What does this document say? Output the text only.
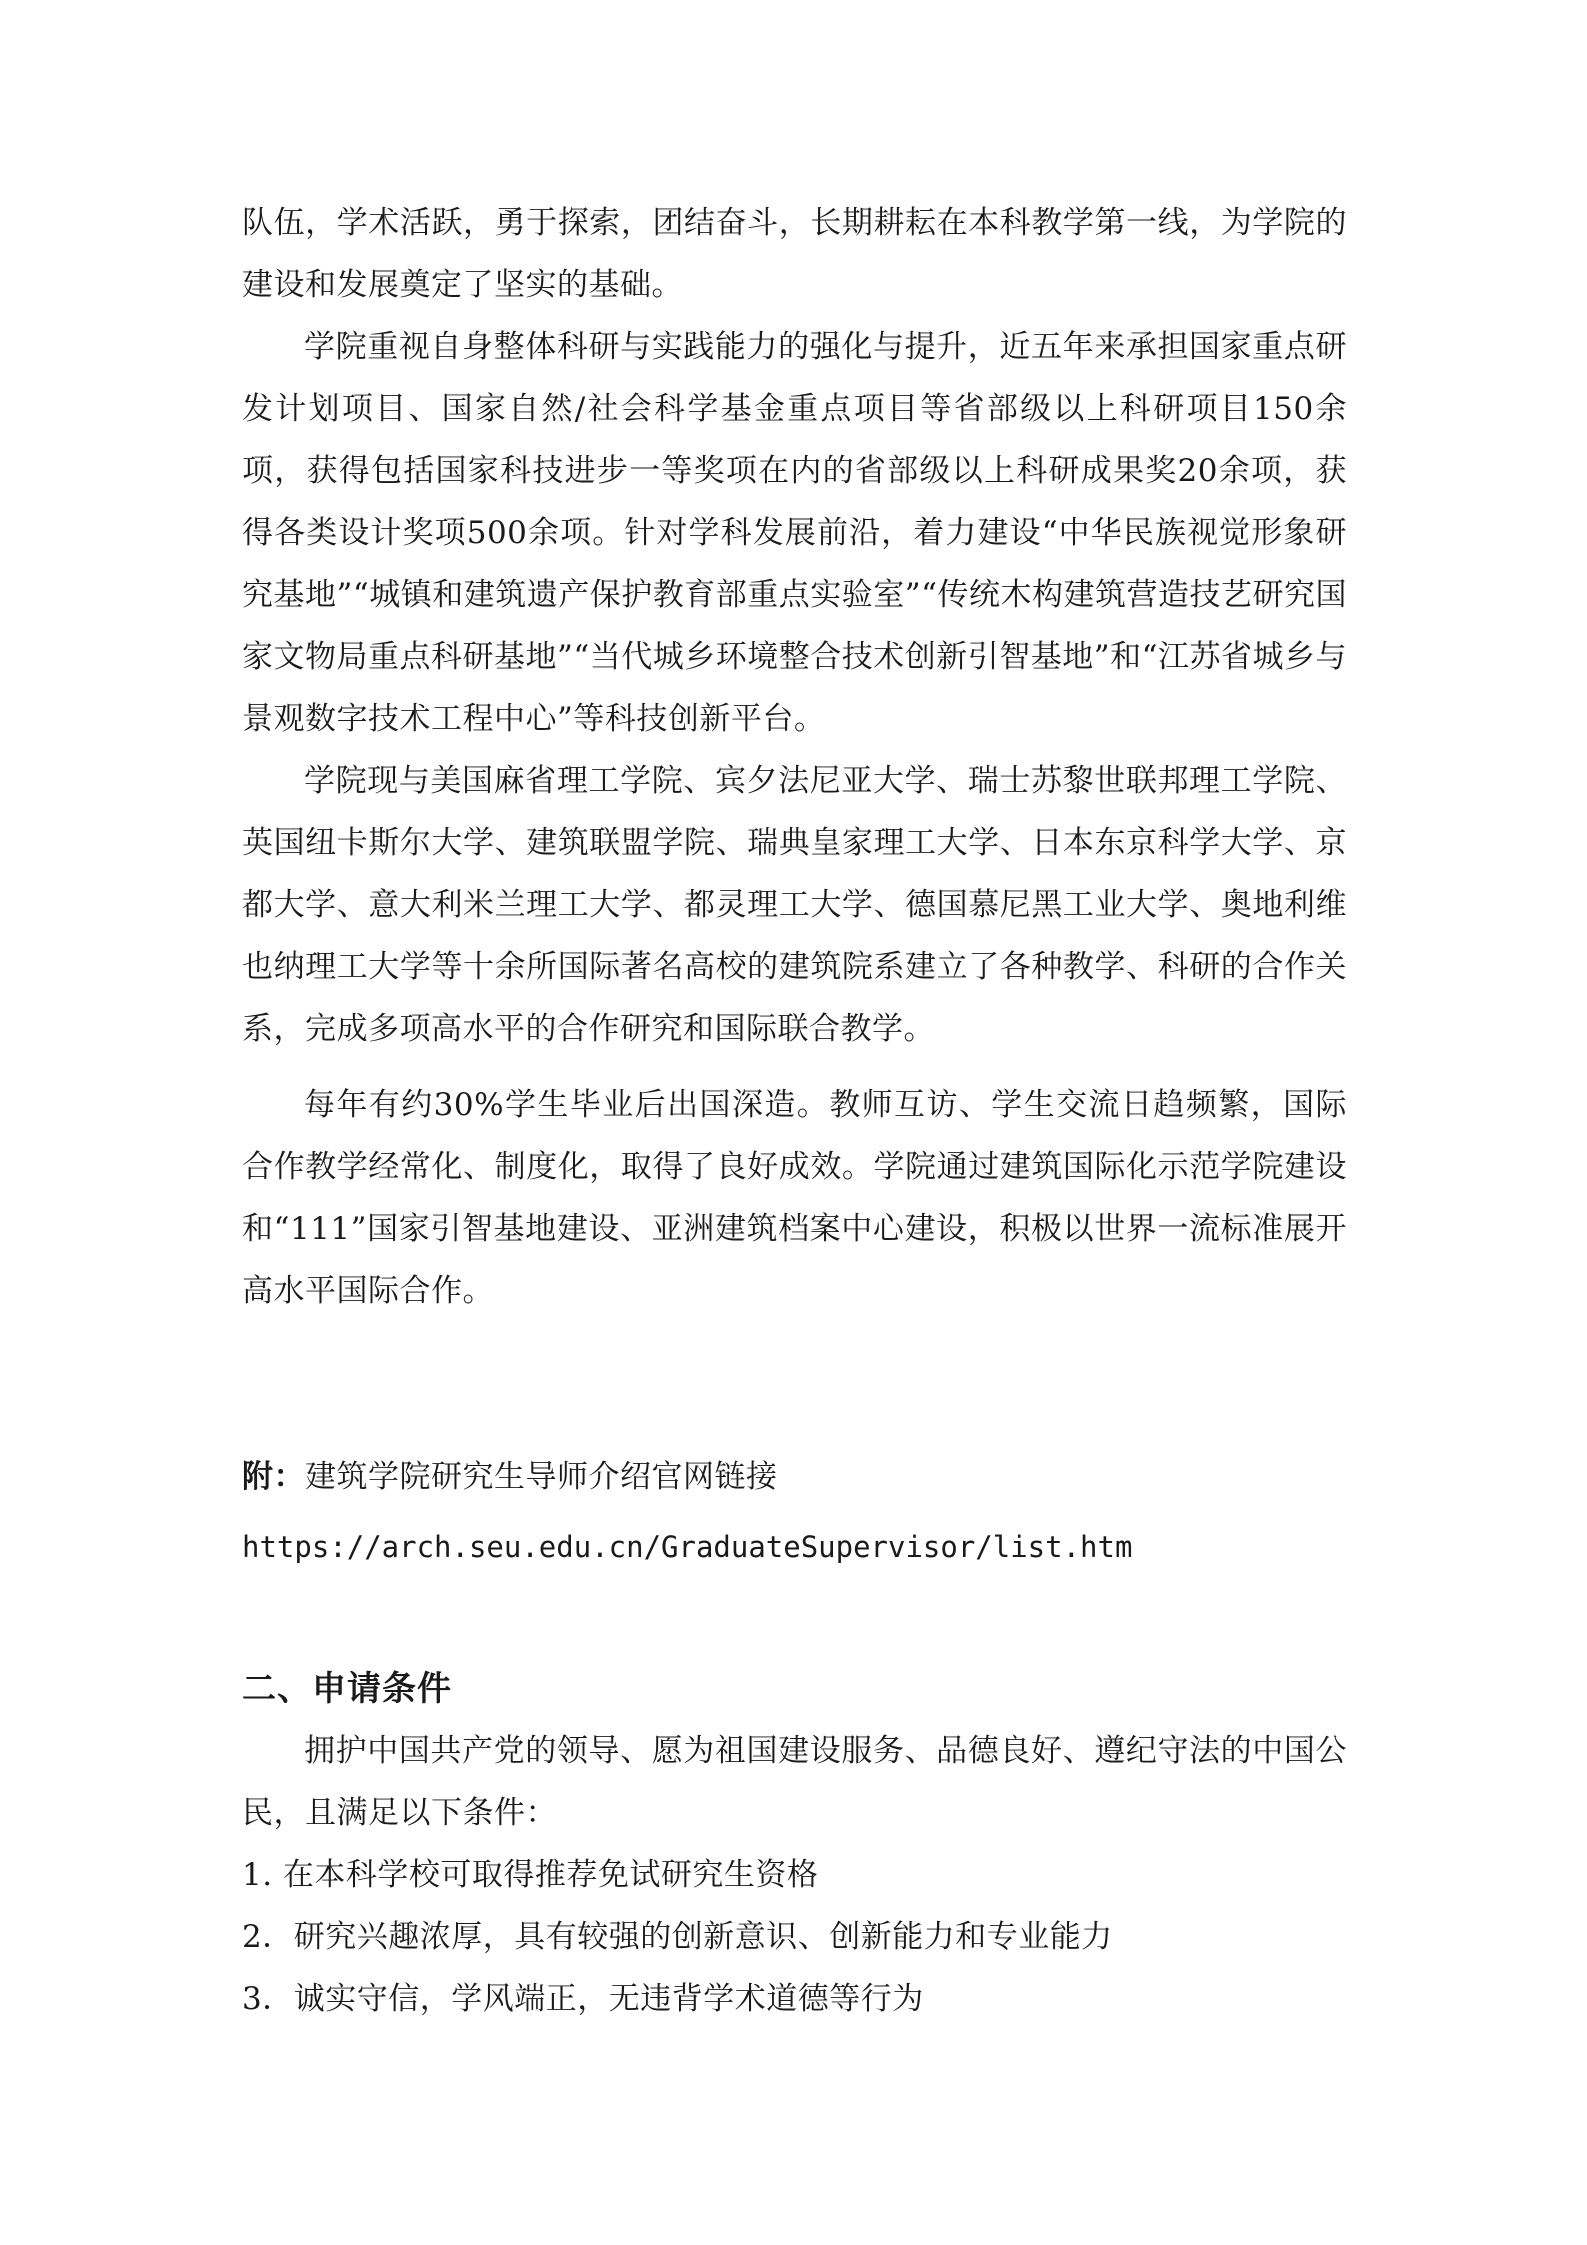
队伍，学术活跃，勇于探索，团结奋斗，长期耕耘在本科教学第一线，为学院的建设和发展奠定了坚实的基础。

学院重视自身整体科研与实践能力的强化与提升，近五年来承担国家重点研发计划项目、国家自然/社会科学基金重点项目等省部级以上科研项目150余项，获得包括国家科技进步一等奖项在内的省部级以上科研成果奖20余项，获得各类设计奖项500余项。针对学科发展前沿，着力建设“中华民族视觉形象研究基地”“城镇和建筑遗产保护教育部重点实验室”“传统木构建筑营造技艺研究国家文物局重点科研基地”“当代城乡环境整合技术创新引智基地”和“江苏省城乡与景观数字技术工程中心”等科技创新平台。

学院现与美国麻省理工学院、宾夕法尼亚大学、瑞士苏黎世联邦理工学院、英国纽卡斯尔大学、建筑联盟学院、瑞典皇家理工大学、日本东京科学大学、京都大学、意大利米兰理工大学、都灵理工大学、德国慕尼黑工业大学、奥地利维也纳理工大学等十余所国际著名高校的建筑院系建立了各种教学、科研的合作关系，完成多项高水平的合作研究和国际联合教学。

每年有约30%学生毕业后出国深造。教师互访、学生交流日趋频繁，国际合作教学经常化、制度化，取得了良好成效。学院通过建筑国际化示范学院建设和“111”国家引智基地建设、亚洲建筑档案中心建设，积极以世界一流标准展开高水平国际合作。

附：建筑学院研究生导师介绍官网链接

https://arch.seu.edu.cn/GraduateSupervisor/list.htm
二、申请条件

拥护中国共产党的领导、愿为祖国建设服务、品德良好、遵纪守法的中国公民，且满足以下条件：

1. 在本科学校可取得推荐免试研究生资格

2．研究兴趣浓厚，具有较强的创新意识、创新能力和专业能力

3．诚实守信，学风端正，无违背学术道德等行为
